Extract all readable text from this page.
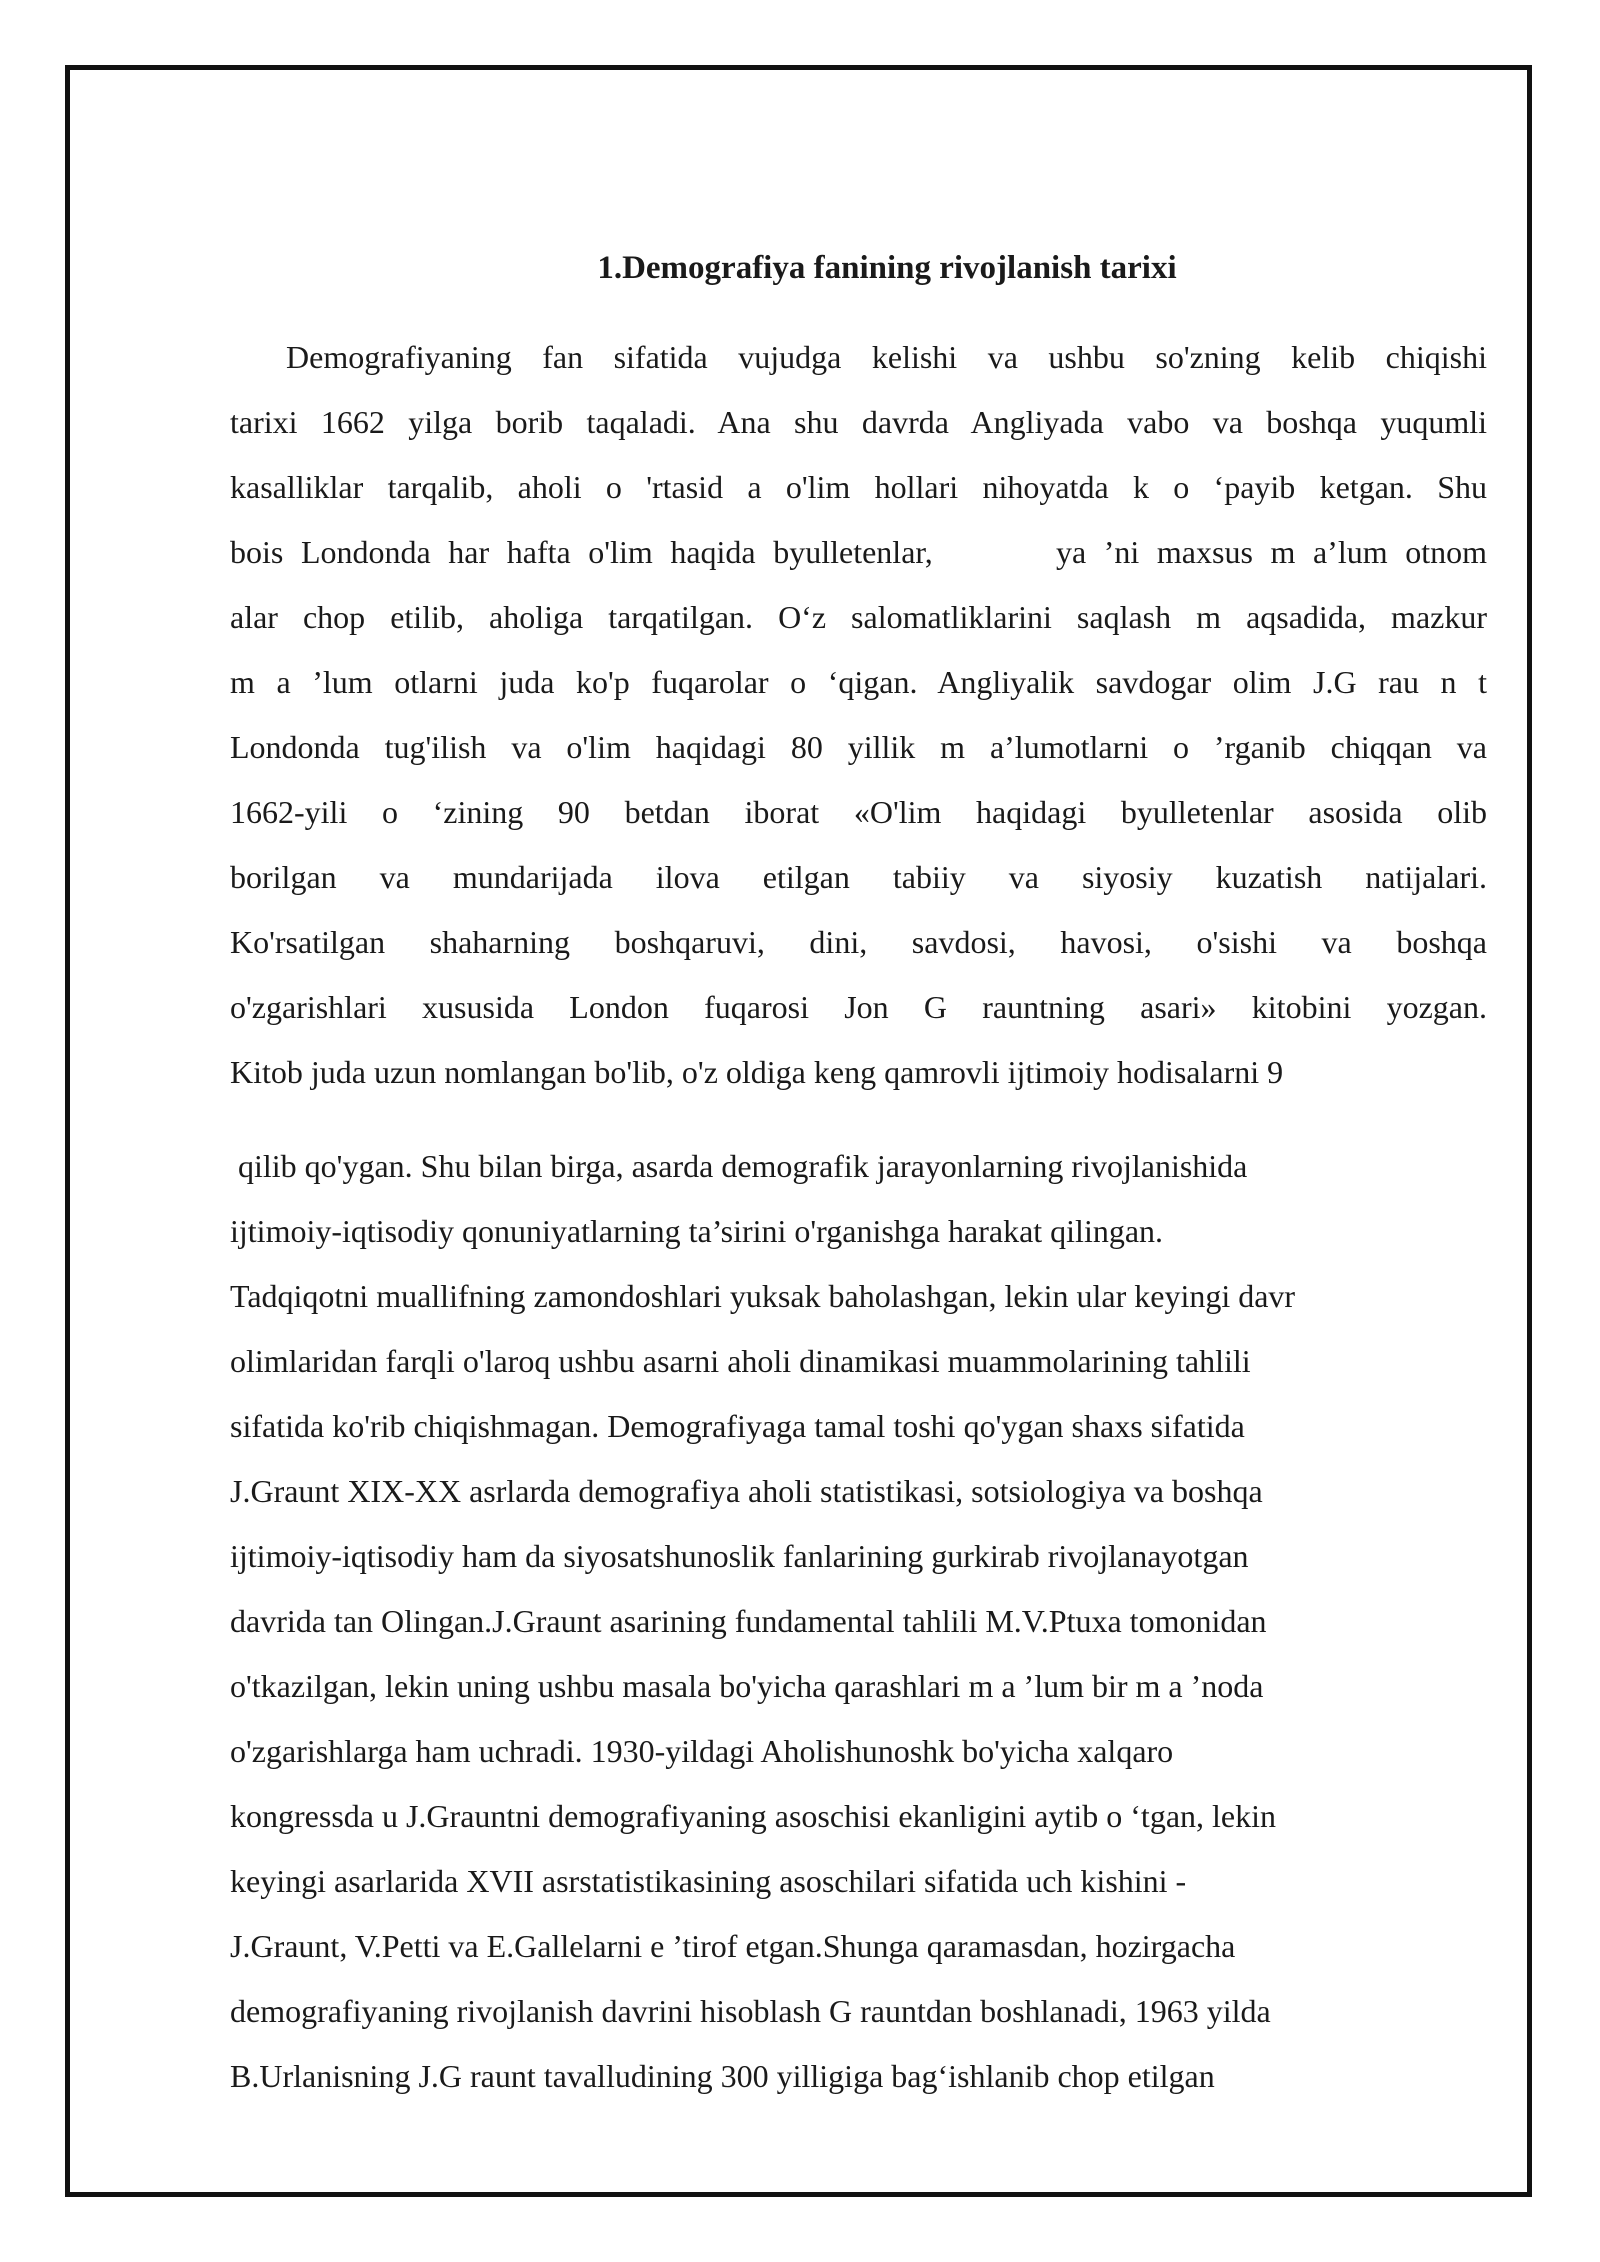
1.Demografiya fanining rivojlanish tarixi

Demografiyaning fan sifatida vujudga kelishi va ushbu so'zning kelib chiqishi
tarixi 1662 yilga borib taqaladi. Ana shu davrda Angliyada vabo va boshqa yuqumli
kasalliklar tarqalib, aholi o 'rtasid a o'lim hollari nihoyatda k o ‘payib ketgan. Shu
bois Londonda har hafta o'lim haqida byulletenlar,       ya ’ni maxsus m a’lum otnom
alar chop etilib, aholiga tarqatilgan. O‘z salomatliklarini saqlash m aqsadida, mazkur
m a ’lum otlarni juda ko'p fuqarolar o ‘qigan. Angliyalik savdogar olim J.G rau n t
Londonda tug'ilish va o'lim haqidagi 80 yillik m a’lumotlarni o ’rganib chiqqan va
1662-yili o ‘zining 90 betdan iborat «O'lim haqidagi byulletenlar asosida olib
borilgan va mundarijada ilova etilgan tabiiy va siyosiy kuzatish natijalari.
Ko'rsatilgan shaharning boshqaruvi, dini, savdosi, havosi, o'sishi va boshqa
o'zgarishlari xususida London fuqarosi Jon G rauntning asari» kitobini yozgan.
Kitob juda uzun nomlangan bo'lib, o'z oldiga keng qamrovli ijtimoiy hodisalarni 9

qilib qo'ygan. Shu bilan birga, asarda demografik jarayonlarning rivojlanishida
ijtimoiy-iqtisodiy qonuniyatlarning ta’sirini o'rganishga harakat qilingan.
Tadqiqotni muallifning zamondoshlari yuksak baholashgan, lekin ular keyingi davr
olimlaridan farqli o'laroq ushbu asarni aholi dinamikasi muammolarining tahlili
sifatida ko'rib chiqishmagan. Demografiyaga tamal toshi qo'ygan shaxs sifatida
J.Graunt XIX-XX asrlarda demografiya aholi statistikasi, sotsiologiya va boshqa
ijtimoiy-iqtisodiy ham da siyosatshunoslik fanlarining gurkirab rivojlanayotgan
davrida tan Olingan.J.Graunt asarining fundamental tahlili M.V.Ptuxa tomonidan
o'tkazilgan, lekin uning ushbu masala bo'yicha qarashlari m a ’lum bir m a ’noda
o'zgarishlarga ham uchradi. 1930-yildagi Aholishunoshk bo'yicha xalqaro
kongressda u J.Grauntni demografiyaning asoschisi ekanligini aytib o ‘tgan, lekin
keyingi asarlarida XVII asrstatistikasining asoschilari sifatida uch kishini -
J.Graunt, V.Petti va E.Gallelarni e ’tirof etgan.Shunga qaramasdan, hozirgacha
demografiyaning rivojlanish davrini hisoblash G rauntdan boshlanadi, 1963 yilda
B.Urlanisning J.G raunt tavalludining 300 yilligiga bag‘ishlanib chop etilgan
